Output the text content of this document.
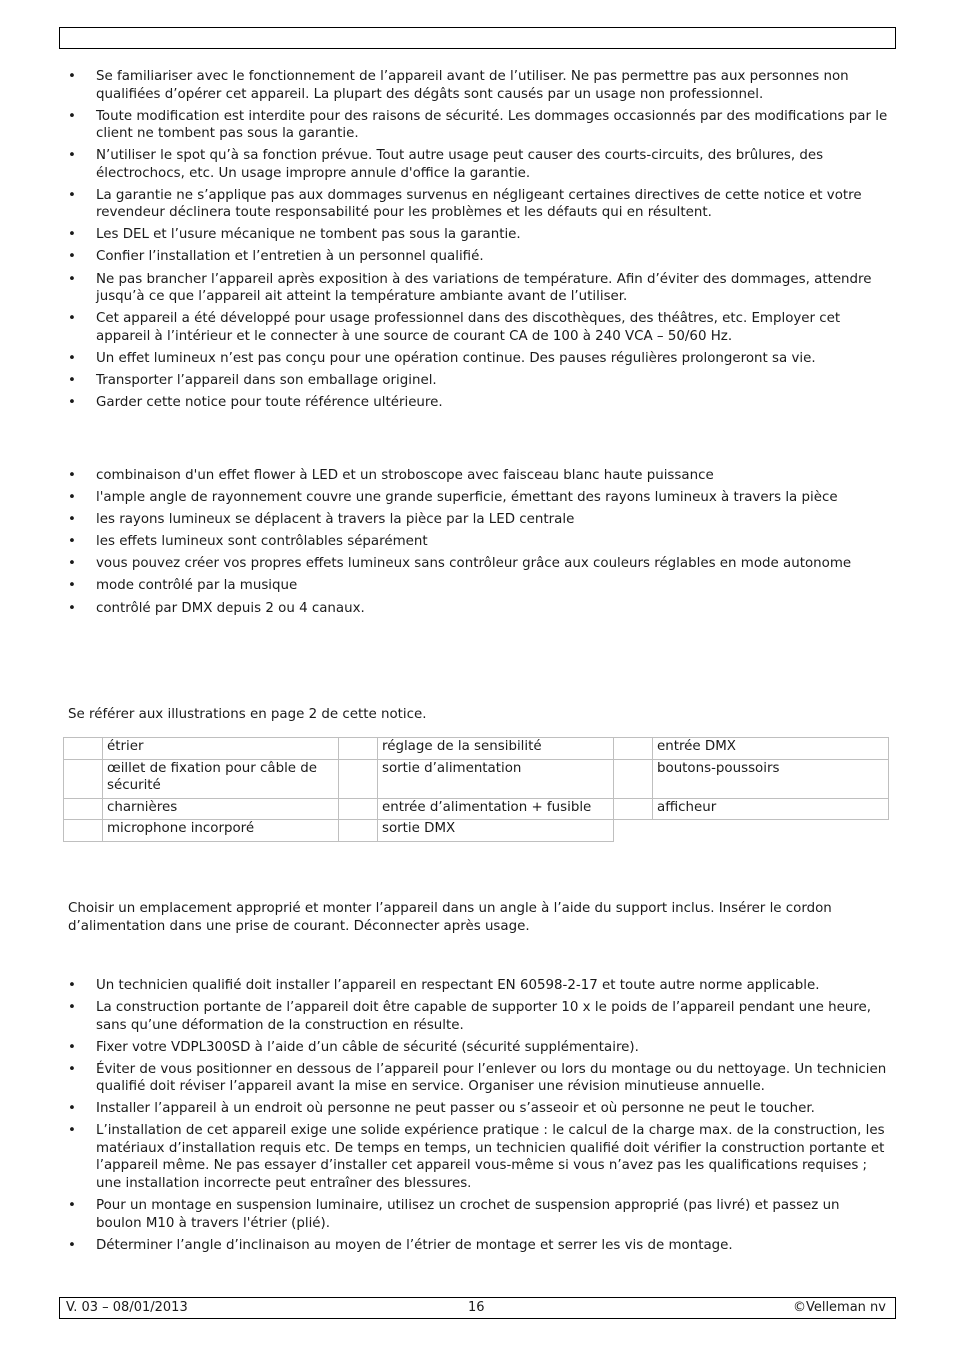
• Se familiariser avec le fonctionnement de l’appareil avant de l’utiliser. Ne pas permettre pas aux personnes non qualifiées d’opérer cet appareil. La plupart des dégâts sont causés par un usage non professionnel.
• Toute modification est interdite pour des raisons de sécurité. Les dommages occasionnés par des modifications par le client ne tombent pas sous la garantie.
• N’utiliser le spot qu’à sa fonction prévue. Tout autre usage peut causer des courts-circuits, des brûlures, des électrochocs, etc. Un usage impropre annule d'office la garantie.
• La garantie ne s’applique pas aux dommages survenus en négligeant certaines directives de cette notice et votre revendeur déclinera toute responsabilité pour les problèmes et les défauts qui en résultent.
• Les DEL et l’usure mécanique ne tombent pas sous la garantie.
• Confier l’installation et l’entretien à un personnel qualifié.
• Ne pas brancher l’appareil après exposition à des variations de température. Afin d’éviter des dommages, attendre jusqu’à ce que l’appareil ait atteint la température ambiante avant de l’utiliser.
• Cet appareil a été développé pour usage professionnel dans des discothèques, des théâtres, etc. Employer cet appareil à l’intérieur et le connecter à une source de courant CA de 100 à 240 VCA – 50/60 Hz.
• Un effet lumineux n’est pas conçu pour une opération continue. Des pauses régulières prolongeront sa vie.
• Transporter l’appareil dans son emballage originel.
• Garder cette notice pour toute référence ultérieure.
• combinaison d'un effet flower à LED et un stroboscope avec faisceau blanc haute puissance
• l'ample angle de rayonnement couvre une grande superficie, émettant des rayons lumineux à travers la pièce
• les rayons lumineux se déplacent à travers la pièce par la LED centrale
• les effets lumineux sont contrôlables séparément
• vous pouvez créer vos propres effets lumineux sans contrôleur grâce aux couleurs réglables en mode autonome
• mode contrôlé par la musique
• contrôlé par DMX depuis 2 ou 4 canaux.

Se référer aux illustrations en page 2 de cette notice.

	étrier		réglage de la sensibilité		entrée DMX
	œillet de fixation pour câble de sécurité		sortie d’alimentation		boutons-poussoirs
	charnières		entrée d’alimentation + fusible		afficheur
	microphone incorporé		sortie DMX		

Choisir un emplacement approprié et monter l’appareil dans un angle à l’aide du support inclus. Insérer le cordon d’alimentation dans une prise de courant. Déconnecter après usage.

• Un technicien qualifié doit installer l’appareil en respectant EN 60598-2-17 et toute autre norme applicable.
• La construction portante de l’appareil doit être capable de supporter 10 x le poids de l’appareil pendant une heure, sans qu’une déformation de la construction en résulte.
• Fixer votre VDPL300SD à l’aide d’un câble de sécurité (sécurité supplémentaire).
• Éviter de vous positionner en dessous de l’appareil pour l’enlever ou lors du montage ou du nettoyage. Un technicien qualifié doit réviser l’appareil avant la mise en service. Organiser une révision minutieuse annuelle.
• Installer l’appareil à un endroit où personne ne peut passer ou s’asseoir et où personne ne peut le toucher.
• L’installation de cet appareil exige une solide expérience pratique : le calcul de la charge max. de la construction, les matériaux d’installation requis etc. De temps en temps, un technicien qualifié doit vérifier la construction portante et l’appareil même. Ne pas essayer d’installer cet appareil vous-même si vous n’avez pas les qualifications requises ; une installation incorrecte peut entraîner des blessures.
• Pour un montage en suspension luminaire, utilisez un crochet de suspension approprié (pas livré) et passez un boulon M10 à travers l'étrier (plié).
• Déterminer l’angle d’inclinaison au moyen de l’étrier de montage et serrer les vis de montage.
V. 03 – 08/01/2013	16	©Velleman nv
